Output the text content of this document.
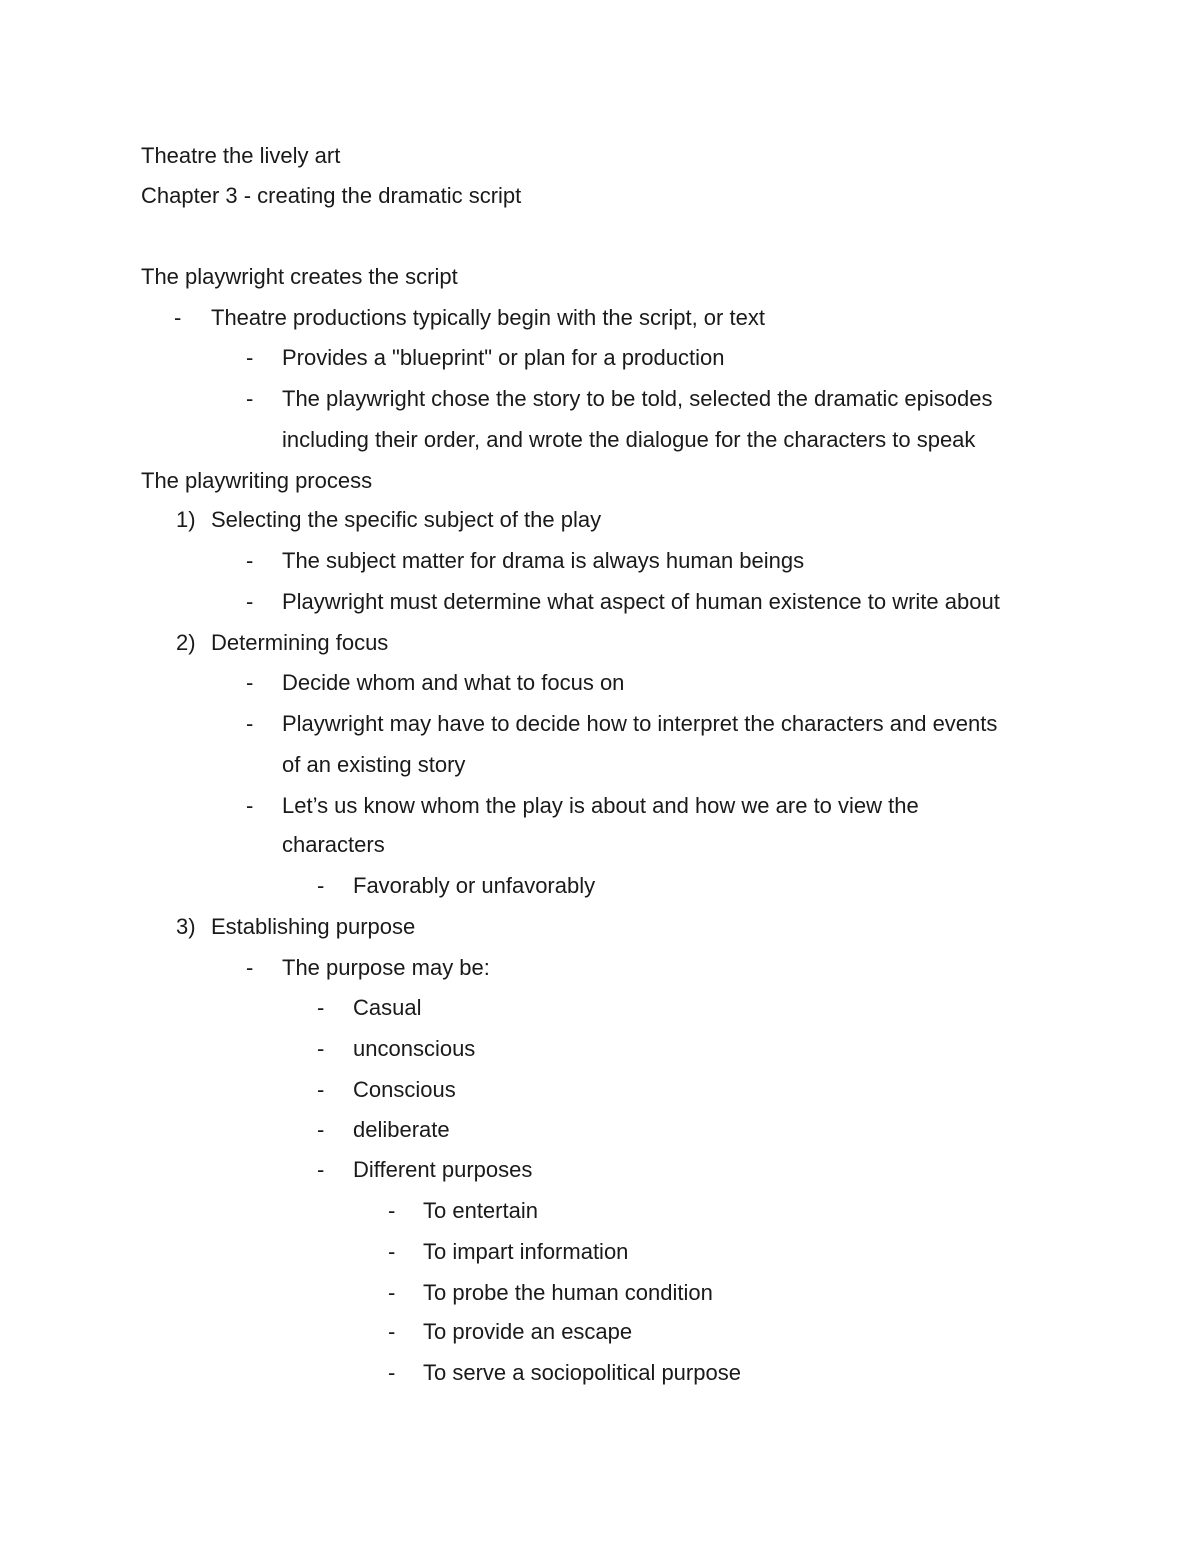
Theatre the lively art
Chapter 3 - creating the dramatic script
The playwright creates the script
- Theatre productions typically begin with the script, or text
- Provides a "blueprint" or plan for a production
- The playwright chose the story to be told, selected the dramatic episodes
including their order, and wrote the dialogue for the characters to speak
The playwriting process
1) Selecting the specific subject of the play
- The subject matter for drama is always human beings
- Playwright must determine what aspect of human existence to write about
2) Determining focus
- Decide whom and what to focus on
- Playwright may have to decide how to interpret the characters and events
of an existing story
- Let’s us know whom the play is about and how we are to view the
characters
- Favorably or unfavorably
3) Establishing purpose
- The purpose may be:
- Casual
- unconscious
- Conscious
- deliberate
- Different purposes
- To entertain
- To impart information
- To probe the human condition
- To provide an escape
- To serve a sociopolitical purpose
